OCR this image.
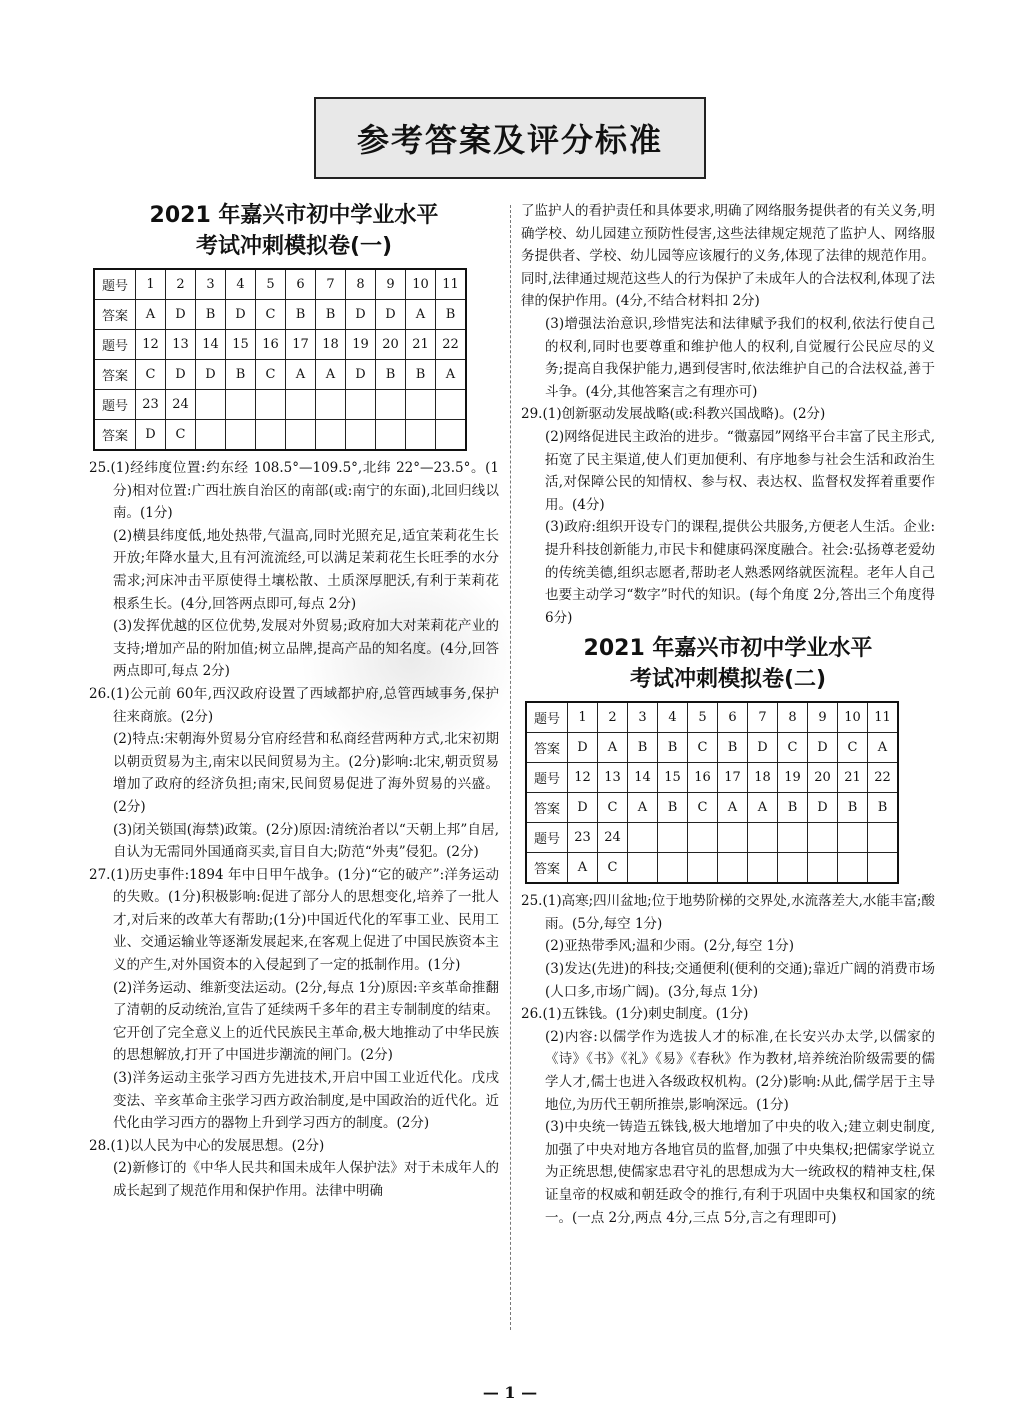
参考答案及评分标准
2021 年嘉兴市初中学业水平
考试冲刺模拟卷(一)
题号	1	2	3	4	5	6	7	8	9	10	11
答案	A	D	B	D	C	B	B	D	D	A	B
题号	12	13	14	15	16	17	18	19	20	21	22
答案	C	D	D	B	C	A	A	D	B	B	A
题号	23	24									
答案	D	C									
25.(1)经纬度位置:约东经 108.5°—109.5°,北纬 22°—23.5°。(1分)相对位置:广西壮族自治区的南部(或:南宁的东面),北回归线以南。(1分)
(2)横县纬度低,地处热带,气温高,同时光照充足,适宜茉莉花生长开放;年降水量大,且有河流流经,可以满足茉莉花生长旺季的水分需求;河床冲击平原使得土壤松散、土质深厚肥沃,有利于茉莉花根系生长。(4分,回答两点即可,每点 2分)
(3)发挥优越的区位优势,发展对外贸易;政府加大对茉莉花产业的支持;增加产品的附加值;树立品牌,提高产品的知名度。(4分,回答两点即可,每点 2分)
26.(1)公元前 60年,西汉政府设置了西域都护府,总管西域事务,保护往来商旅。(2分)
(2)特点:宋朝海外贸易分官府经营和私商经营两种方式,北宋初期以朝贡贸易为主,南宋以民间贸易为主。(2分)影响:北宋,朝贡贸易增加了政府的经济负担;南宋,民间贸易促进了海外贸易的兴盛。(2分)
(3)闭关锁国(海禁)政策。(2分)原因:清统治者以“天朝上邦”自居,自认为无需同外国通商买卖,盲目自大;防范“外夷”侵犯。(2分)
27.(1)历史事件:1894 年中日甲午战争。(1分)“它的破产”:洋务运动的失败。(1分)积极影响:促进了部分人的思想变化,培养了一批人才,对后来的改革大有帮助;(1分)中国近代化的军事工业、民用工业、交通运输业等逐渐发展起来,在客观上促进了中国民族资本主义的产生,对外国资本的入侵起到了一定的抵制作用。(1分)
(2)洋务运动、维新变法运动。(2分,每点 1分)原因:辛亥革命推翻了清朝的反动统治,宣告了延续两千多年的君主专制制度的结束。它开创了完全意义上的近代民族民主革命,极大地推动了中华民族的思想解放,打开了中国进步潮流的闸门。(2分)
(3)洋务运动主张学习西方先进技术,开启中国工业近代化。戊戌变法、辛亥革命主张学习西方政治制度,是中国政治的近代化。近代化由学习西方的器物上升到学习西方的制度。(2分)
28.(1)以人民为中心的发展思想。(2分)
(2)新修订的《中华人民共和国未成年人保护法》对于未成年人的成长起到了规范作用和保护作用。法律中明确
了监护人的看护责任和具体要求,明确了网络服务提供者的有关义务,明确学校、幼儿园建立预防性侵害,这些法律规定规范了监护人、网络服务提供者、学校、幼儿园等应该履行的义务,体现了法律的规范作用。同时,法律通过规范这些人的行为保护了未成年人的合法权利,体现了法律的保护作用。(4分,不结合材料扣 2分)
(3)增强法治意识,珍惜宪法和法律赋予我们的权利,依法行使自己的权利,同时也要尊重和维护他人的权利,自觉履行公民应尽的义务;提高自我保护能力,遇到侵害时,依法维护自己的合法权益,善于斗争。(4分,其他答案言之有理亦可)
29.(1)创新驱动发展战略(或:科教兴国战略)。(2分)
(2)网络促进民主政治的进步。“微嘉园”网络平台丰富了民主形式,拓宽了民主渠道,使人们更加便利、有序地参与社会生活和政治生活,对保障公民的知情权、参与权、表达权、监督权发挥着重要作用。(4分)
(3)政府:组织开设专门的课程,提供公共服务,方便老人生活。企业:提升科技创新能力,市民卡和健康码深度融合。社会:弘扬尊老爱幼的传统美德,组织志愿者,帮助老人熟悉网络就医流程。老年人自己也要主动学习“数字”时代的知识。(每个角度 2分,答出三个角度得 6分)
2021 年嘉兴市初中学业水平
考试冲刺模拟卷(二)
题号	1	2	3	4	5	6	7	8	9	10	11
答案	D	A	B	B	C	B	D	C	D	C	A
题号	12	13	14	15	16	17	18	19	20	21	22
答案	D	C	A	B	C	A	A	B	D	B	B
题号	23	24									
答案	A	C									
25.(1)高寒;四川盆地;位于地势阶梯的交界处,水流落差大,水能丰富;酸雨。(5分,每空 1分)
(2)亚热带季风;温和少雨。(2分,每空 1分)
(3)发达(先进)的科技;交通便利(便利的交通);靠近广阔的消费市场(人口多,市场广阔)。(3分,每点 1分)
26.(1)五铢钱。(1分)刺史制度。(1分)
(2)内容:以儒学作为选拔人才的标准,在长安兴办太学,以儒家的《诗》《书》《礼》《易》《春秋》作为教材,培养统治阶级需要的儒学人才,儒士也进入各级政权机构。(2分)影响:从此,儒学居于主导地位,为历代王朝所推崇,影响深远。(1分)
(3)中央统一铸造五铢钱,极大地增加了中央的收入;建立刺史制度,加强了中央对地方各地官员的监督,加强了中央集权;把儒家学说立为正统思想,使儒家忠君守礼的思想成为大一统政权的精神支柱,保证皇帝的权威和朝廷政令的推行,有利于巩固中央集权和国家的统一。(一点 2分,两点 4分,三点 5分,言之有理即可)
— 1 —
